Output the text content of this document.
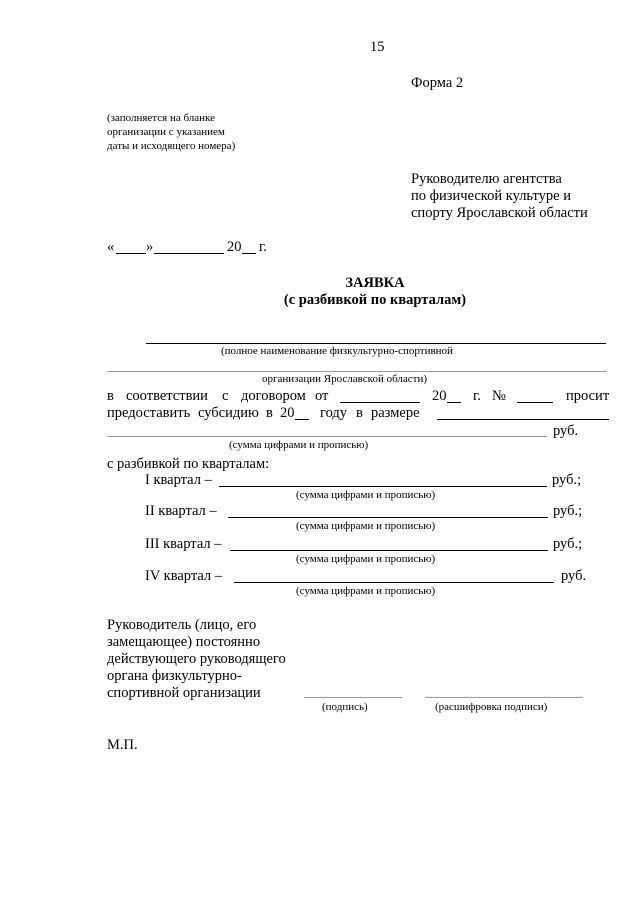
15
Форма 2
(заполняется на бланке
организации с указанием
даты и исходящего номера)
Руководителю агентства
по физической культуре и
спорту Ярославской области
« »	20 г.
ЗАЯВКА
(с разбивкой по кварталам)
(полное наименование физкультурно-спортивной
организации Ярославской области)
в соответствии с договором от	20 г. №	просит
предоставить субсидию в 20 году в размере
руб.
(сумма цифрами и прописью)
с разбивкой по кварталам:
I квартал –	руб.;
(сумма цифрами и прописью)
II квартал –	руб.;
(сумма цифрами и прописью)
III квартал –	руб.;
(сумма цифрами и прописью)
IV квартал –	руб.
(сумма цифрами и прописью)
Руководитель (лицо, его
замещающее) постоянно
действующего руководящего
органа физкультурно-
спортивной организации
(подпись)	(расшифровка подписи)
М.П.
